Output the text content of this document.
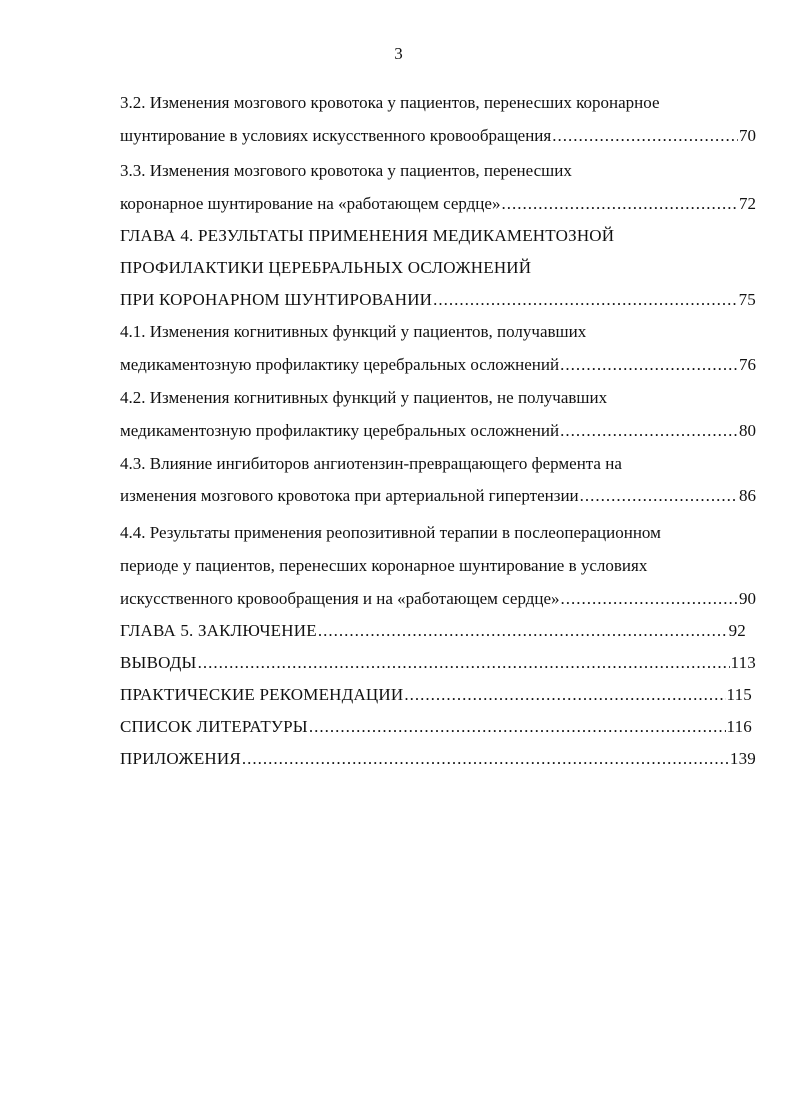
3
3.2. Изменения мозгового кровотока у пациентов, перенесших коронарное
шунтирование в условиях искусственного кровообращения .....	70
3.3. Изменения мозгового кровотока у пациентов, перенесших
коронарное шунтирование на «работающем сердце» .....	72
ГЛАВА 4. РЕЗУЛЬТАТЫ ПРИМЕНЕНИЯ МЕДИКАМЕНТОЗНОЙ
ПРОФИЛАКТИКИ ЦЕРЕБРАЛЬНЫХ ОСЛОЖНЕНИЙ
ПРИ КОРОНАРНОМ ШУНТИРОВАНИИ .....	75
4.1. Изменения когнитивных функций у пациентов, получавших
медикаментозную профилактику церебральных осложнений .....	76
4.2. Изменения когнитивных функций у пациентов, не получавших
медикаментозную профилактику церебральных осложнений .....	80
4.3. Влияние ингибиторов ангиотензин-превращающего фермента на
изменения мозгового кровотока при артериальной гипертензии .....	86
4.4. Результаты применения реопозитивной терапии в послеоперационном
периоде у пациентов, перенесших коронарное шунтирование в условиях
искусственного кровообращения и на «работающем сердце» .....	90
ГЛАВА 5. ЗАКЛЮЧЕНИЕ .....	92
ВЫВОДЫ .....	113
ПРАКТИЧЕСКИЕ РЕКОМЕНДАЦИИ .....	115
СПИСОК ЛИТЕРАТУРЫ .....	116
ПРИЛОЖЕНИЯ .....	139
